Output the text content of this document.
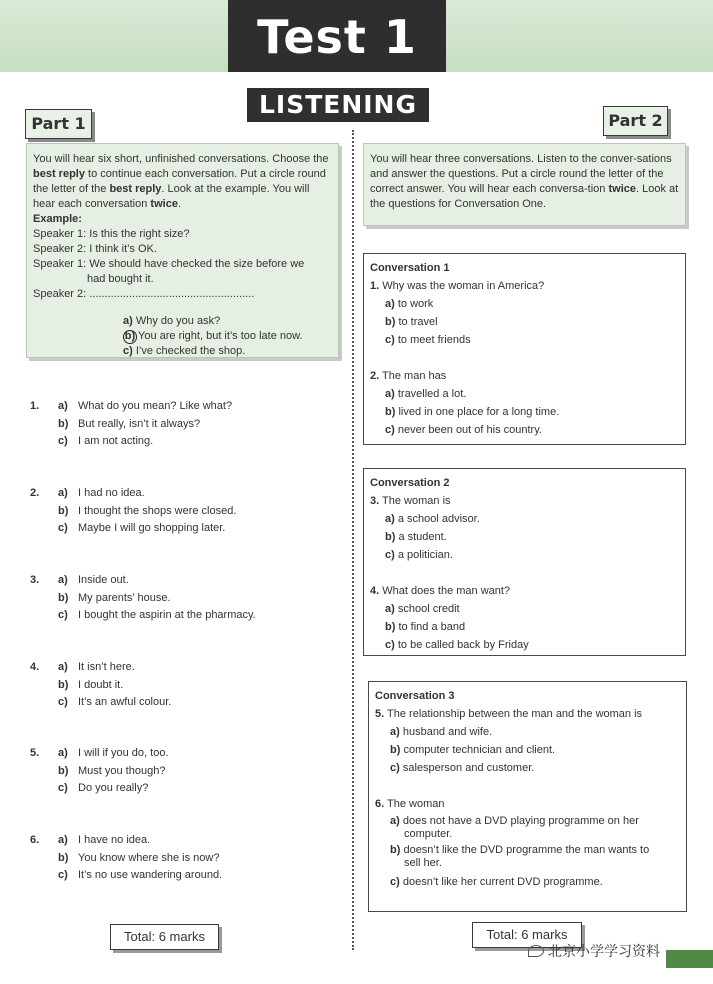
Test 1
LISTENING
Part 1	Part 2

You will hear six short, unfinished conversations. Choose the best reply to continue each conversation. Put a circle round the letter of the best reply. Look at the example. You will hear each conversation twice.

Example:
Speaker 1: Is this the right size?
Speaker 2: I think it’s OK.
Speaker 1: We should have checked the size before we
had bought it.
Speaker 2: ......................................................
a) Why do you ask?
b) You are right, but it’s too late now.
c) I’ve checked the shop.

You will hear three conversations. Listen to the conver-sations and answer the questions. Put a circle round the letter of the correct answer. You will hear each conversa-tion twice. Look at the questions for Conversation One.

1. a) What do you mean? Like what?
b) But really, isn’t it always?
c) I am not acting.
2. a) I had no idea.
b) I thought the shops were closed.
c) Maybe I will go shopping later.
3. a) Inside out.
b) My parents’ house.
c) I bought the aspirin at the pharmacy.
4. a) It isn’t here.
b) I doubt it.
c) It’s an awful colour.
5. a) I will if you do, too.
b) Must you though?
c) Do you really?
6. a) I have no idea.
b) You know where she is now?
c) It’s no use wandering around.
Total: 6 marks
Conversation 1
1. Why was the woman in America?
a) to work
b) to travel
c) to meet friends
2. The man has
a) travelled a lot.
b) lived in one place for a long time.
c) never been out of his country.
Conversation 2
3. The woman is
a) a school advisor.
b) a student.
c) a politician.
4. What does the man want?
a) school credit
b) to find a band
c) to be called back by Friday
Conversation 3
5. The relationship between the man and the woman is
a) husband and wife.
b) computer technician and client.
c) salesperson and customer.
6. The woman
a) does not have a DVD playing programme on her
computer.
b) doesn’t like the DVD programme the man wants to
sell her.
c) doesn’t like her current DVD programme.
Total: 6 marks
北京小学学习资料
